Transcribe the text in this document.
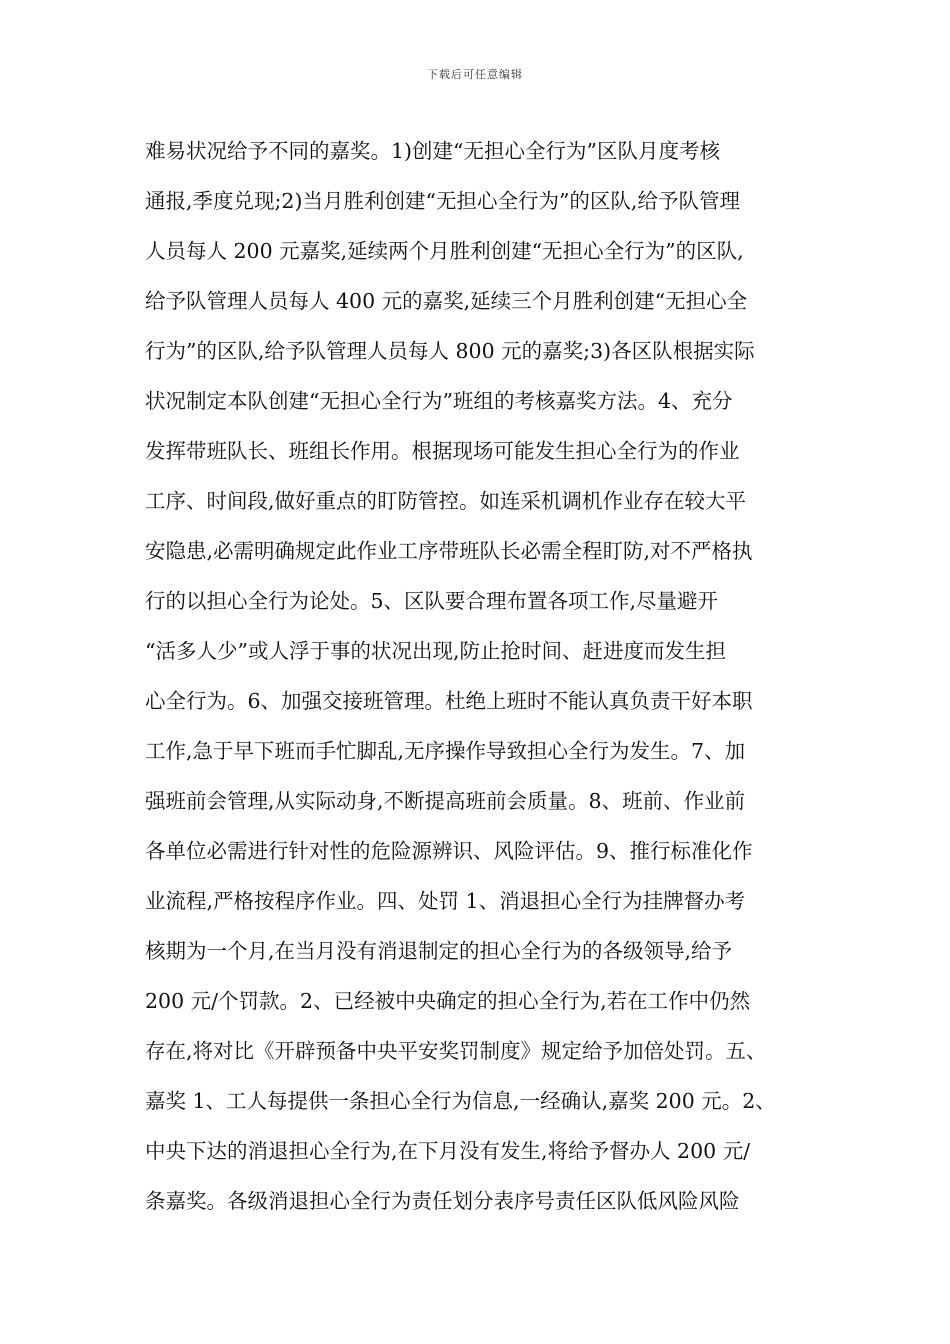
下载后可任意编辑
难易状况给予不同的嘉奖。1)创建“无担心全行为”区队月度考核
通报,季度兑现;2)当月胜利创建“无担心全行为”的区队,给予队管理
人员每人 200 元嘉奖,延续两个月胜利创建“无担心全行为”的区队,
给予队管理人员每人 400 元的嘉奖,延续三个月胜利创建“无担心全
行为”的区队,给予队管理人员每人 800 元的嘉奖;3)各区队根据实际
状况制定本队创建“无担心全行为”班组的考核嘉奖方法。4、充分
发挥带班队长、班组长作用。根据现场可能发生担心全行为的作业
工序、时间段,做好重点的盯防管控。如连采机调机作业存在较大平
安隐患,必需明确规定此作业工序带班队长必需全程盯防,对不严格执
行的以担心全行为论处。5、区队要合理布置各项工作,尽量避开
“活多人少”或人浮于事的状况出现,防止抢时间、赶进度而发生担
心全行为。6、加强交接班管理。杜绝上班时不能认真负责干好本职
工作,急于早下班而手忙脚乱,无序操作导致担心全行为发生。7、加
强班前会管理,从实际动身,不断提高班前会质量。8、班前、作业前
各单位必需进行针对性的危险源辨识、风险评估。9、推行标准化作
业流程,严格按程序作业。四、处罚 1、消退担心全行为挂牌督办考
核期为一个月,在当月没有消退制定的担心全行为的各级领导,给予
200 元/个罚款。2、已经被中央确定的担心全行为,若在工作中仍然
存在,将对比《开辟预备中央平安奖罚制度》规定给予加倍处罚。五、
嘉奖 1、工人每提供一条担心全行为信息,一经确认,嘉奖 200 元。2、
中央下达的消退担心全行为,在下月没有发生,将给予督办人 200 元/
条嘉奖。各级消退担心全行为责任划分表序号责任区队低风险风险
